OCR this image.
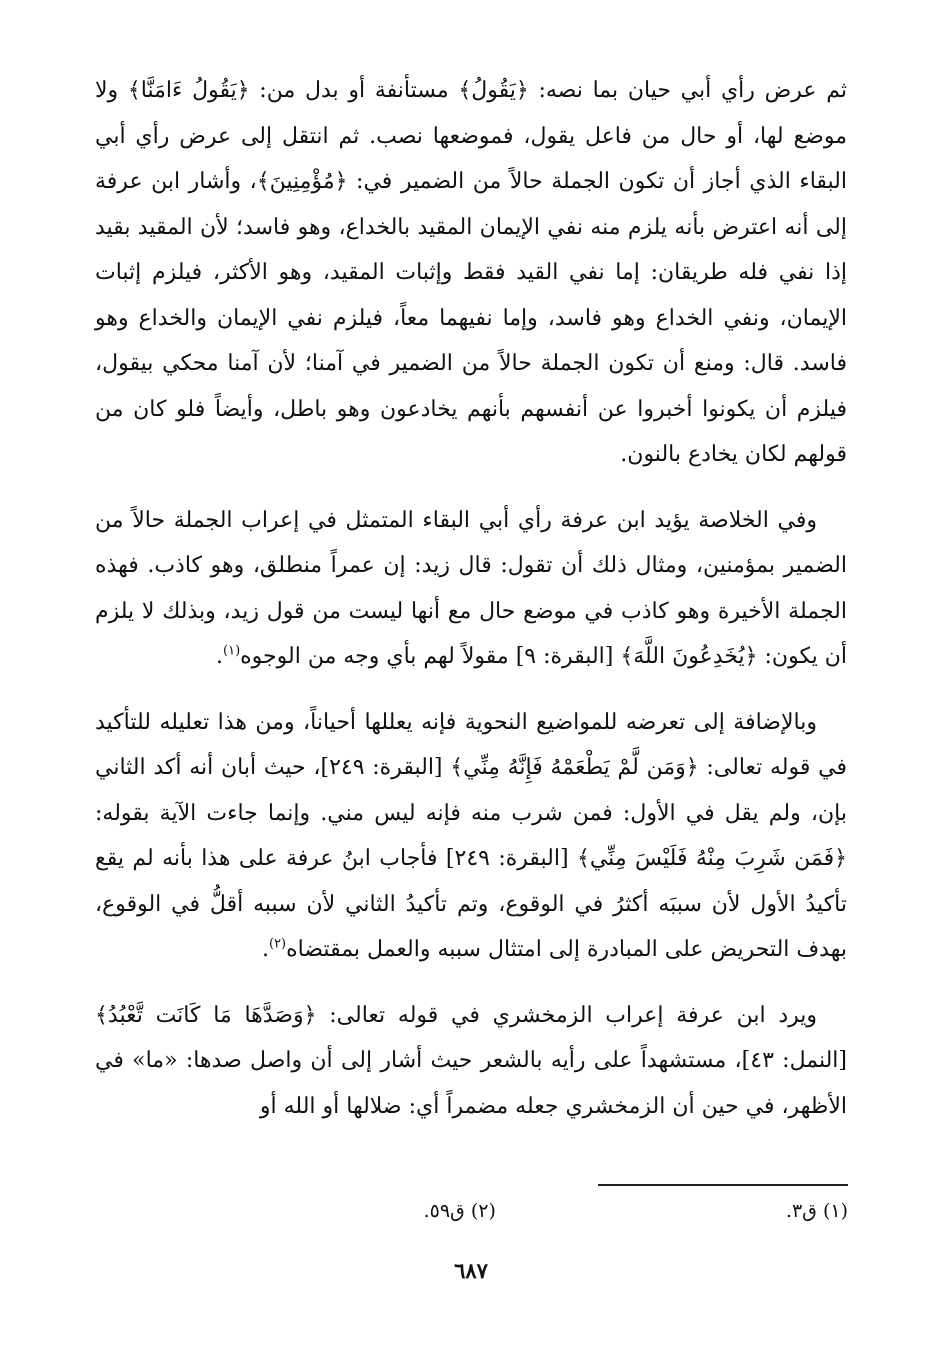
ثم عرض رأي أبي حيان بما نصه: ﴿يَقُولُ﴾ مستأنفة أو بدل من: ﴿يَقُولُ ءَامَنَّا﴾ ولا موضع لها، أو حال من فاعل يقول، فموضعها نصب. ثم انتقل إلى عرض رأي أبي البقاء الذي أجاز أن تكون الجملة حالاً من الضمير في: ﴿مُؤْمِنِينَ﴾، وأشار ابن عرفة إلى أنه اعترض بأنه يلزم منه نفي الإيمان المقيد بالخداع، وهو فاسد؛ لأن المقيد بقيد إذا نفي فله طريقان: إما نفي القيد فقط وإثبات المقيد، وهو الأكثر، فيلزم إثبات الإيمان، ونفي الخداع وهو فاسد، وإما نفيهما معاً، فيلزم نفي الإيمان والخداع وهو فاسد. قال: ومنع أن تكون الجملة حالاً من الضمير في آمنا؛ لأن آمنا محكي بيقول، فيلزم أن يكونوا أخبروا عن أنفسهم بأنهم يخادعون وهو باطل، وأيضاً فلو كان من قولهم لكان يخادع بالنون.

وفي الخلاصة يؤيد ابن عرفة رأي أبي البقاء المتمثل في إعراب الجملة حالاً من الضمير بمؤمنين، ومثال ذلك أن تقول: قال زيد: إن عمراً منطلق، وهو كاذب. فهذه الجملة الأخيرة وهو كاذب في موضع حال مع أنها ليست من قول زيد، وبذلك لا يلزم أن يكون: ﴿يُخَدِعُونَ اللَّهَ﴾ [البقرة: ٩] مقولاً لهم بأي وجه من الوجوه$^{(١)}$.

وبالإضافة إلى تعرضه للمواضيع النحوية فإنه يعللها أحياناً، ومن هذا تعليله للتأكيد في قوله تعالى: ﴿وَمَن لَّمْ يَطْعَمْهُ فَإِنَّهُ مِنِّي﴾ [البقرة: ٢٤٩]، حيث أبان أنه أكد الثاني بإن، ولم يقل في الأول: فمن شرب منه فإنه ليس مني. وإنما جاءت الآية بقوله: ﴿فَمَن شَرِبَ مِنْهُ فَلَيْسَ مِنِّي﴾ [البقرة: ٢٤٩] فأجاب ابنُ عرفة على هذا بأنه لم يقع تأكيدُ الأول لأن سببَه أكثرُ في الوقوع، وتم تأكيدُ الثاني لأن سببه أقلُّ في الوقوع، بهدف التحريض على المبادرة إلى امتثال سببه والعمل بمقتضاه$^{(٢)}$.

ويرد ابن عرفة إعراب الزمخشري في قوله تعالى: ﴿وَصَدَّهَا مَا كَانَت تَّعْبُدُ﴾ [النمل: ٤٣]، مستشهداً على رأيه بالشعر حيث أشار إلى أن واصل صدها: «ما» في الأظهر، في حين أن الزمخشري جعله مضمراً أي: ضلالها أو الله أو

(١) ق٣.
(٢) ق٥٩.
٦٨٧
